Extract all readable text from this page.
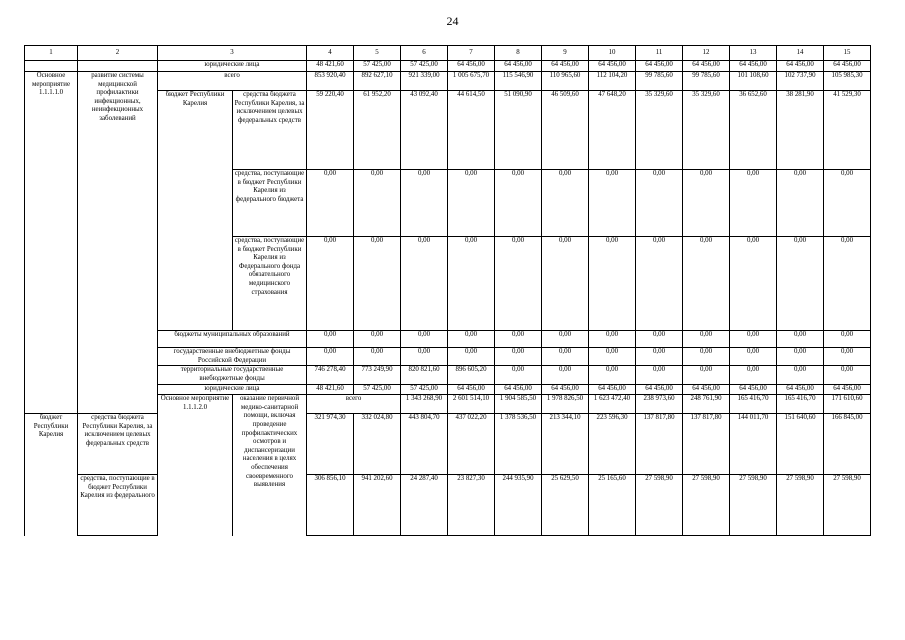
24
1	2	3		4	5	6	7	8	9	10	11	12	13	14	15	
		юридические лица		48 421,60	57 425,00	57 425,00	64 456,00	64 456,00	64 456,00	64 456,00	64 456,00	64 456,00	64 456,00	64 456,00	64 456,00	
Основное мероприятие 1.1.1.1.0	развитие системы медицинской профилактики инфекционных, неинфекционных заболеваний	всего		853 920,40	892 627,10	921 339,00	1 005 675,70	115 546,90	110 965,60	112 104,20	99 785,60	99 785,60	101 108,60	102 737,90	105 985,30	
		бюджет Республики Карелия	средства бюджета Республики Карелия, за исключением целевых федеральных средств	59 220,40	61 952,20	43 092,40	44 614,50	51 090,90	46 509,60	47 648,20	35 329,60	35 329,60	36 652,60	38 281,90	41 529,30	
			средства, поступающие в бюджет Республики Карелия из федерального бюджета	0,00	0,00	0,00	0,00	0,00	0,00	0,00	0,00	0,00	0,00	0,00	0,00	
			средства, поступающие в бюджет Республики Карелия из Федерального фонда обязательного медицинского страхования	0,00	0,00	0,00	0,00	0,00	0,00	0,00	0,00	0,00	0,00	0,00	0,00	
		бюджеты муниципальных образований		0,00	0,00	0,00	0,00	0,00	0,00	0,00	0,00	0,00	0,00	0,00	0,00	
		государственные внебюджетные фонды Российской Федерации		0,00	0,00	0,00	0,00	0,00	0,00	0,00	0,00	0,00	0,00	0,00	0,00	
		территориальные государственные внебюджетные фонды		746 278,40	773 249,90	820 821,60	896 605,20	0,00	0,00	0,00	0,00	0,00	0,00	0,00	0,00	
		юридические лица		48 421,60	57 425,00	57 425,00	64 456,00	64 456,00	64 456,00	64 456,00	64 456,00	64 456,00	64 456,00	64 456,00	64 456,00	
		Основное мероприятие 1.1.1.2.0	оказание первичной медико-санитарной помощи, включая проведение профилактических осмотров и диспансеризации населения в целях обеспечения своевременного выявления	всего		1 343 268,90	2 601 514,10	1 904 585,50	1 978 826,50	1 623 472,40	238 973,60	248 761,90	165 416,70	165 416,70	171 610,60		
бюджет Республики Карелия	средства бюджета Республики Карелия, за исключением целевых федеральных средств			321 974,30	332 024,80	443 804,70	437 022,20	1 378 536,50	213 344,10	223 596,30	137 817,80	137 817,80	144 011,70	151 640,60	166 845,00	
	средства, поступающие в бюджет Республики Карелия из федерального			306 856,10	941 202,60	24 287,40	23 827,30	244 935,90	25 629,50	25 165,60	27 598,90	27 598,90	27 598,90	27 598,90	27 598,90	
